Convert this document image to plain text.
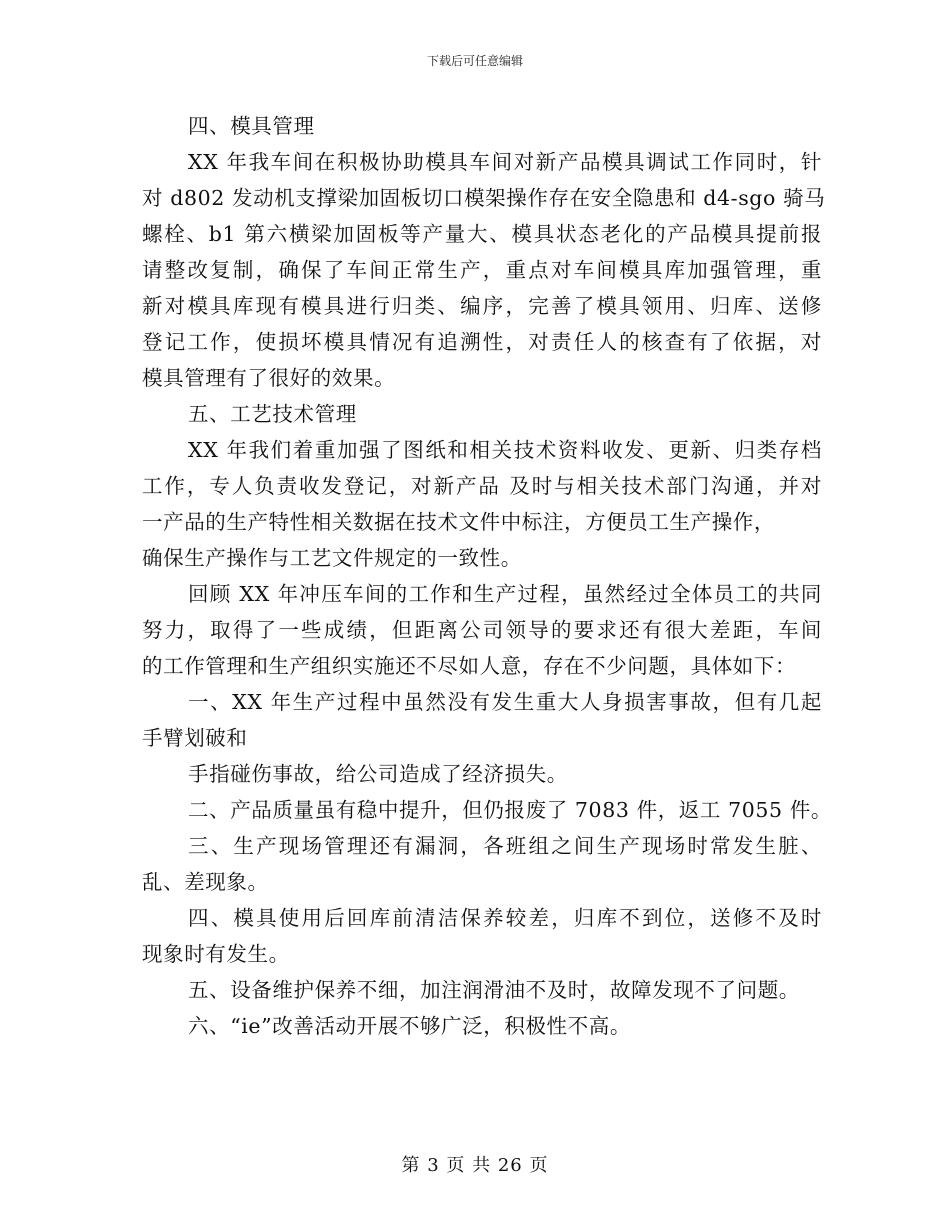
下载后可任意编辑
四、模具管理
XX 年我车间在积极协助模具车间对新产品模具调试工作同时，针
对 d802 发动机支撑梁加固板切口模架操作存在安全隐患和 d4-sgo 骑马
螺栓、b1 第六横梁加固板等产量大、模具状态老化的产品模具提前报
请整改复制，确保了车间正常生产，重点对车间模具库加强管理，重
新对模具库现有模具进行归类、编序，完善了模具领用、归库、送修
登记工作，使损坏模具情况有追溯性，对责任人的核查有了依据，对
模具管理有了很好的效果。
五、工艺技术管理
XX 年我们着重加强了图纸和相关技术资料收发、更新、归类存档
工作，专人负责收发登记，对新产品 及时与相关技术部门沟通，并对
一产品的生产特性相关数据在技术文件中标注，方便员工生产操作，
确保生产操作与工艺文件规定的一致性。
回顾 XX 年冲压车间的工作和生产过程，虽然经过全体员工的共同
努力，取得了一些成绩，但距离公司领导的要求还有很大差距，车间
的工作管理和生产组织实施还不尽如人意，存在不少问题，具体如下：
一、XX 年生产过程中虽然没有发生重大人身损害事故，但有几起
手臂划破和
手指碰伤事故，给公司造成了经济损失。
二、产品质量虽有稳中提升，但仍报废了 7083 件，返工 7055 件。
三、生产现场管理还有漏洞，各班组之间生产现场时常发生脏、
乱、差现象。
四、模具使用后回库前清洁保养较差，归库不到位，送修不及时
现象时有发生。
五、设备维护保养不细，加注润滑油不及时，故障发现不了问题。
六、“ie”改善活动开展不够广泛，积极性不高。
第 3 页 共 26 页
